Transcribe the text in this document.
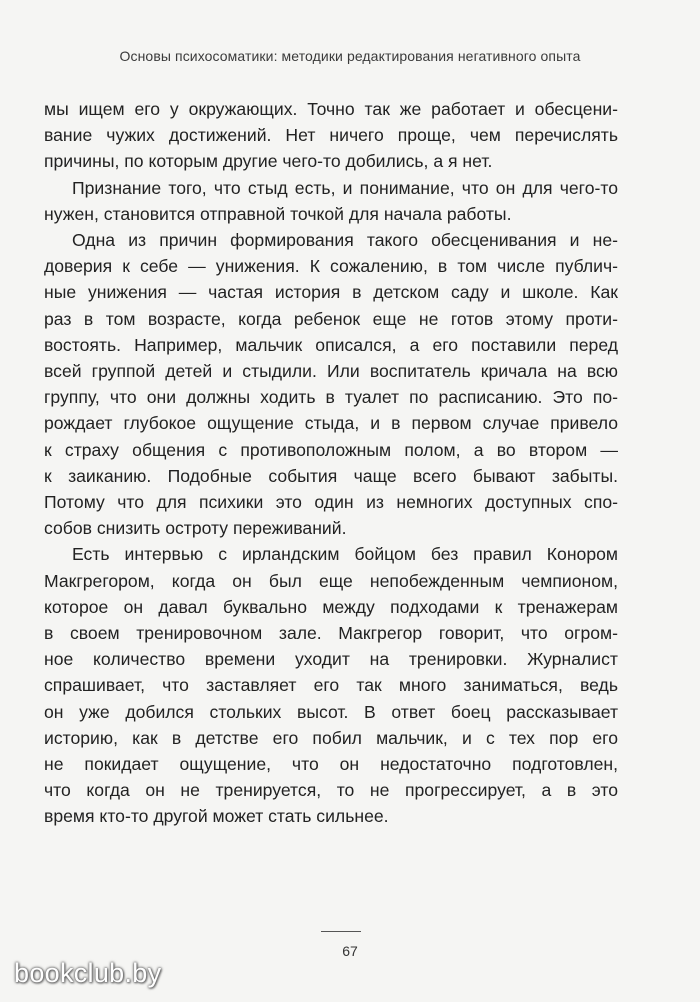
Основы психосоматики: методики редактирования негативного опыта
мы ищем его у окружающих. Точно так же работает и обесцени-
вание чужих достижений. Нет ничего проще, чем перечислять
причины, по которым другие чего-то добились, а я нет.
Признание того, что стыд есть, и понимание, что он для чего-то
нужен, становится отправной точкой для начала работы.
Одна из причин формирования такого обесценивания и не-
доверия к себе — унижения. К сожалению, в том числе публич-
ные унижения — частая история в детском саду и школе. Как
раз в том возрасте, когда ребенок еще не готов этому проти-
востоять. Например, мальчик описался, а его поставили перед
всей группой детей и стыдили. Или воспитатель кричала на всю
группу, что они должны ходить в туалет по расписанию. Это по-
рождает глубокое ощущение стыда, и в первом случае привело
к страху общения с противоположным полом, а во втором —
к заиканию. Подобные события чаще всего бывают забыты.
Потому что для психики это один из немногих доступных спо-
собов снизить остроту переживаний.
Есть интервью с ирландским бойцом без правил Конором
Макгрегором, когда он был еще непобежденным чемпионом,
которое он давал буквально между подходами к тренажерам
в своем тренировочном зале. Макгрегор говорит, что огром-
ное количество времени уходит на тренировки. Журналист
спрашивает, что заставляет его так много заниматься, ведь
он уже добился стольких высот. В ответ боец рассказывает
историю, как в детстве его побил мальчик, и с тех пор его
не покидает ощущение, что он недостаточно подготовлен,
что когда он не тренируется, то не прогрессирует, а в это
время кто-то другой может стать сильнее.
67
bookclub.by
